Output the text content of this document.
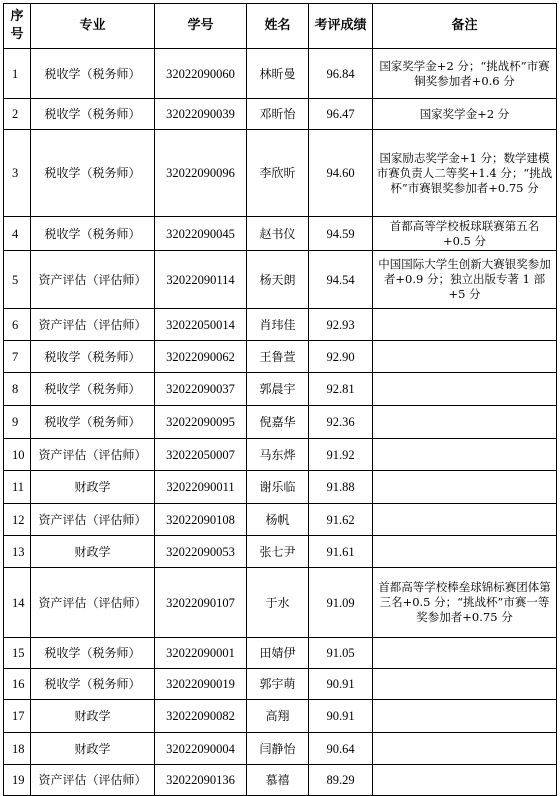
序号	专业	学号	姓名	考评成绩	备注
1	税收学（税务师）	32022090060	林昕曼	96.84	国家奖学金+2 分；“挑战杯”市赛铜奖参加者+0.6 分
2	税收学（税务师）	32022090039	邓昕怡	96.47	国家奖学金+2 分
3	税收学（税务师）	32022090096	李欣昕	94.60	国家励志奖学金+1 分；数学建模市赛负责人二等奖+1.4 分；“挑战杯”市赛银奖参加者+0.75 分
4	税收学（税务师）	32022090045	赵书仪	94.59	首都高等学校板球联赛第五名+0.5 分
5	资产评估（评估师）	32022090114	杨天朗	94.54	中国国际大学生创新大赛银奖参加者+0.9 分；独立出版专著 1 部+5 分
6	资产评估（评估师）	32022050014	肖玮佳	92.93	
7	税收学（税务师）	32022090062	王鲁萱	92.90	
8	税收学（税务师）	32022090037	郭晨宇	92.81	
9	税收学（税务师）	32022090095	倪嘉华	92.36	
10	资产评估（评估师）	32022050007	马东烨	91.92	
11	财政学	32022090011	谢乐临	91.88	
12	资产评估（评估师）	32022090108	杨帆	91.62	
13	财政学	32022090053	张七尹	91.61	
14	资产评估（评估师）	32022090107	于水	91.09	首都高等学校棒垒球锦标赛团体第三名+0.5 分；“挑战杯”市赛一等奖参加者+0.75 分
15	税收学（税务师）	32022090001	田婧伊	91.05	
16	税收学（税务师）	32022090019	郭宇萌	90.91	
17	财政学	32022090082	高翔	90.91	
18	财政学	32022090004	闫静怡	90.64	
19	资产评估（评估师）	32022090136	慕禧	89.29	
